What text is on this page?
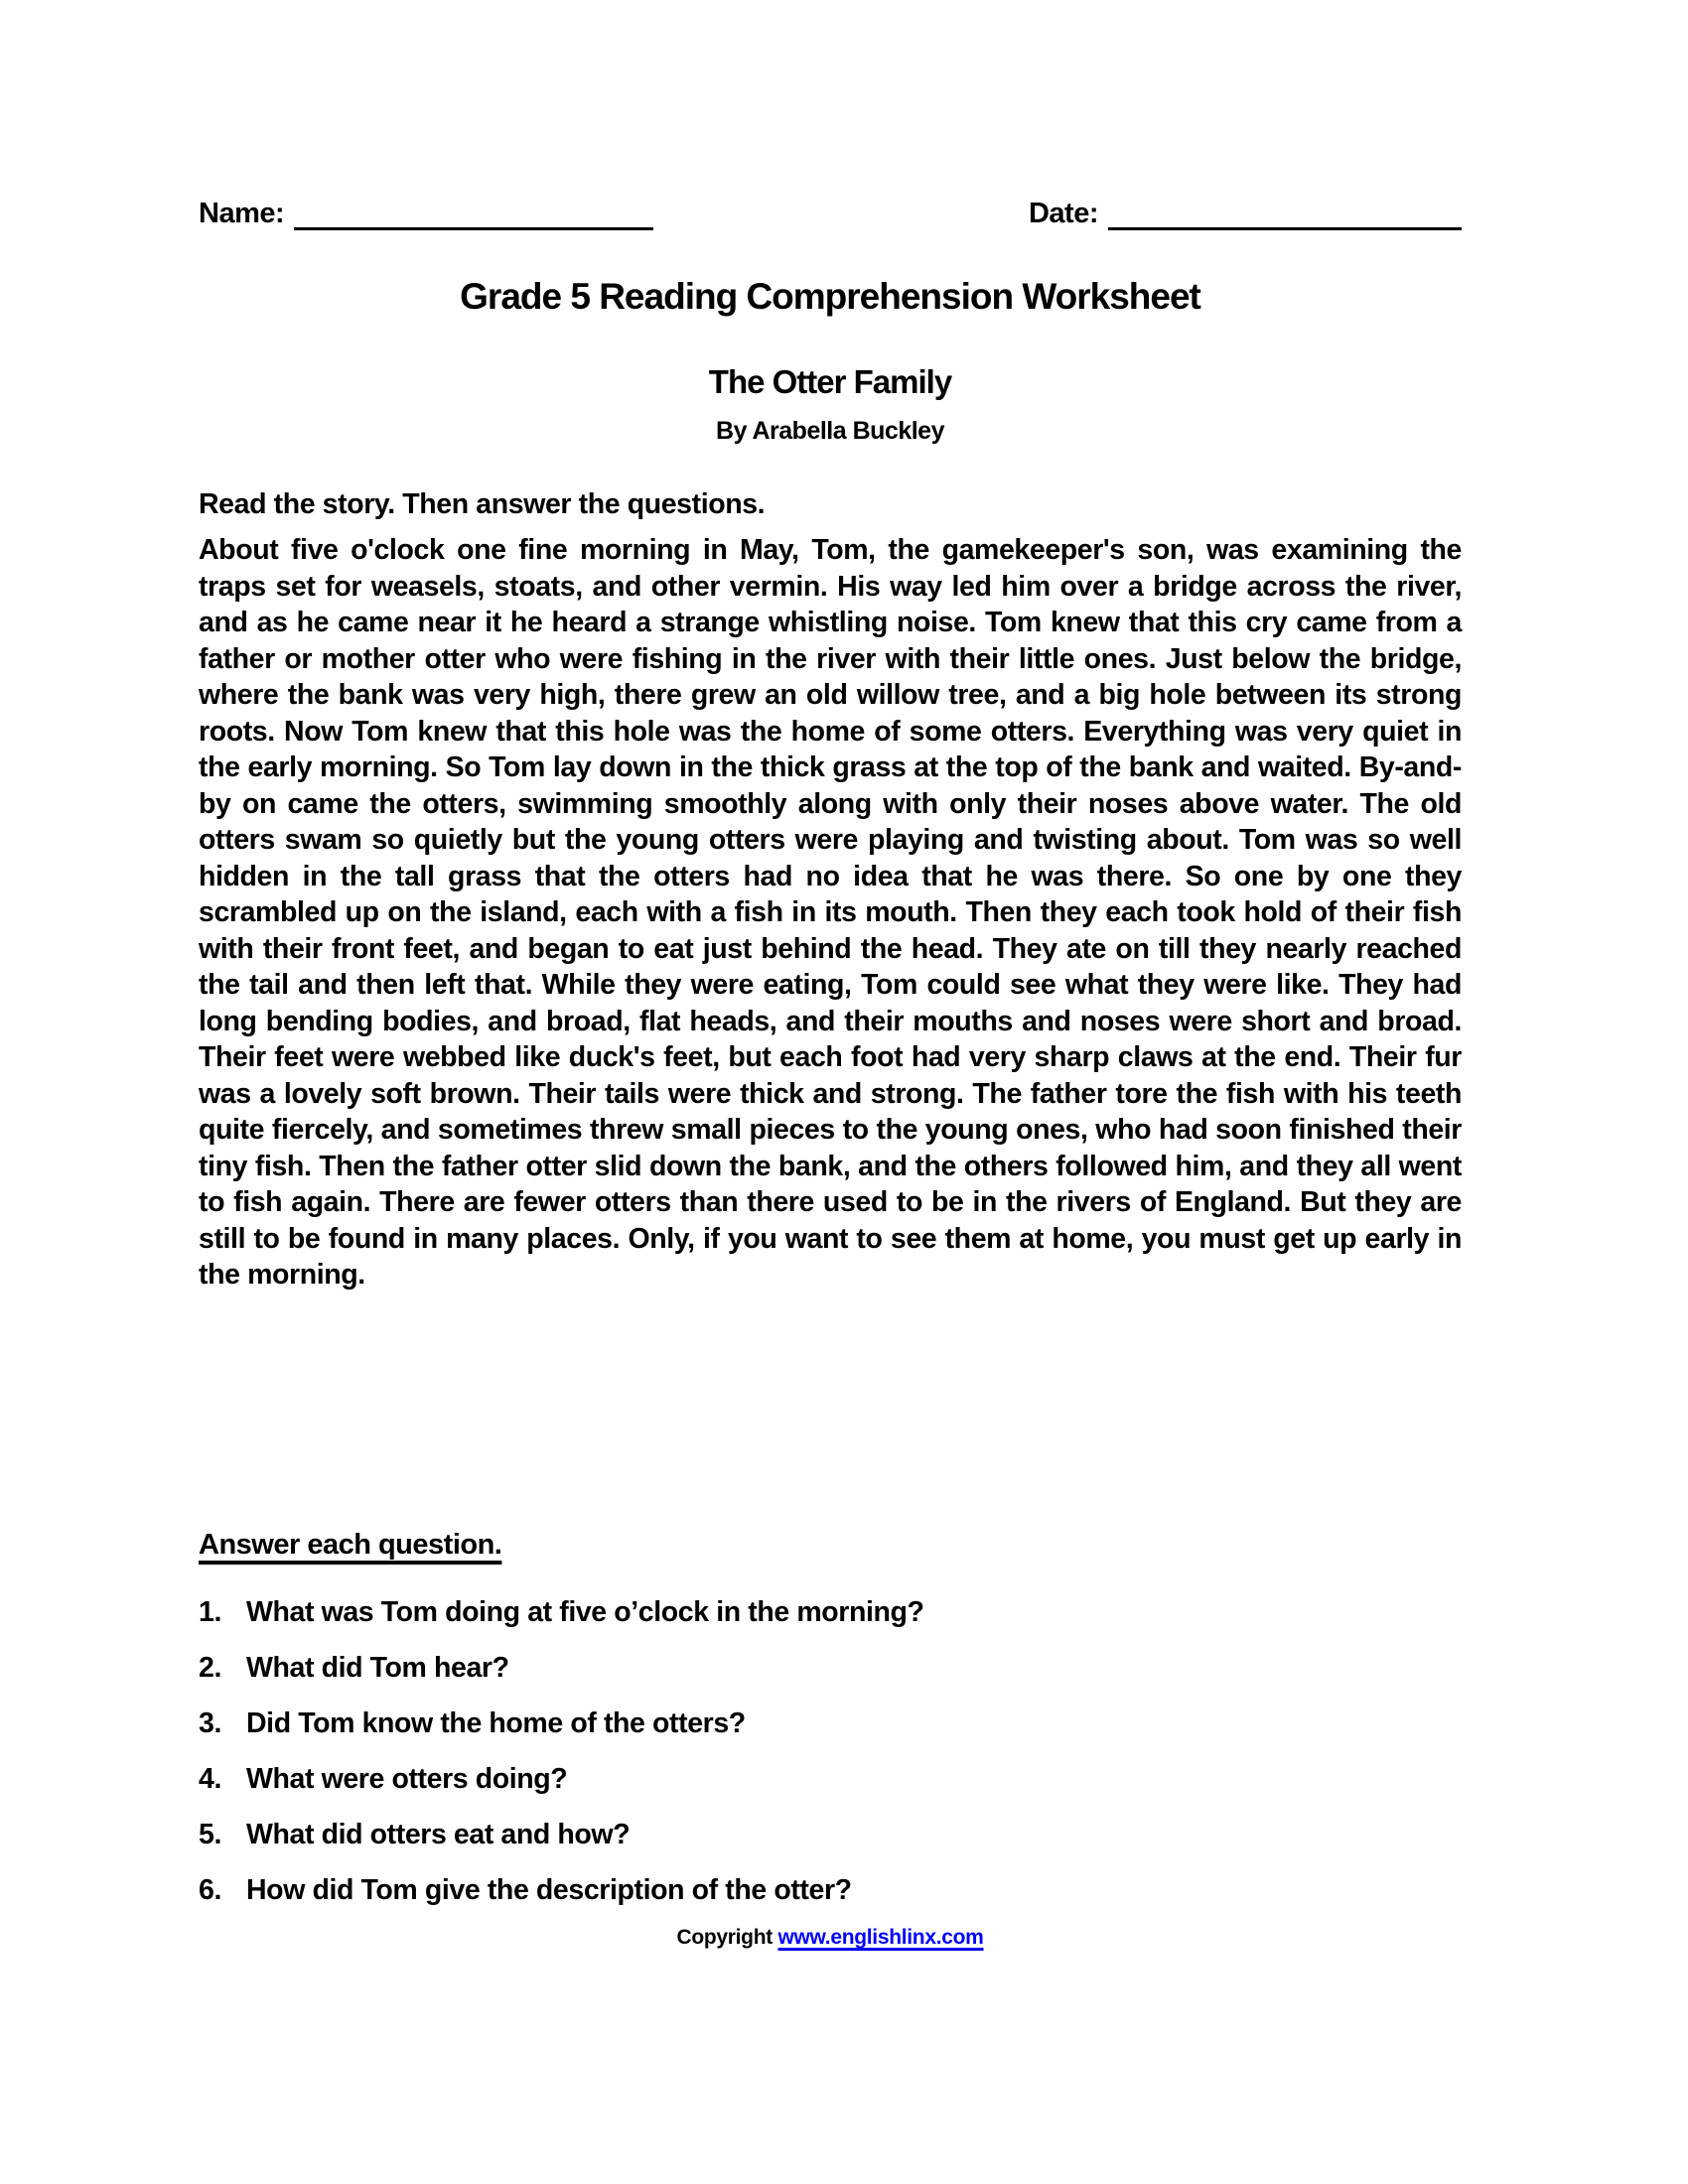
Name:	Date:
Grade 5 Reading Comprehension Worksheet
The Otter Family
By Arabella Buckley
Read the story. Then answer the questions.

About five o'clock one fine morning in May, Tom, the gamekeeper's son, was examining the traps set for weasels, stoats, and other vermin. His way led him over a bridge across the river, and as he came near it he heard a strange whistling noise. Tom knew that this cry came from a father or mother otter who were fishing in the river with their little ones. Just below the bridge, where the bank was very high, there grew an old willow tree, and a big hole between its strong roots. Now Tom knew that this hole was the home of some otters. Everything was very quiet in the early morning. So Tom lay down in the thick grass at the top of the bank and waited. By-and-by on came the otters, swimming smoothly along with only their noses above water. The old otters swam so quietly but the young otters were playing and twisting about. Tom was so well hidden in the tall grass that the otters had no idea that he was there. So one by one they scrambled up on the island, each with a fish in its mouth. Then they each took hold of their fish with their front feet, and began to eat just behind the head. They ate on till they nearly reached the tail and then left that. While they were eating, Tom could see what they were like. They had long bending bodies, and broad, flat heads, and their mouths and noses were short and broad. Their feet were webbed like duck's feet, but each foot had very sharp claws at the end. Their fur was a lovely soft brown. Their tails were thick and strong. The father tore the fish with his teeth quite fiercely, and sometimes threw small pieces to the young ones, who had soon finished their tiny fish. Then the father otter slid down the bank, and the others followed him, and they all went to fish again. There are fewer otters than there used to be in the rivers of England. But they are still to be found in many places. Only, if you want to see them at home, you must get up early in the morning.

Answer each question.
1. What was Tom doing at five o’clock in the morning?
2. What did Tom hear?
3. Did Tom know the home of the otters?
4. What were otters doing?
5. What did otters eat and how?
6. How did Tom give the description of the otter?
Copyright www.englishlinx.com
